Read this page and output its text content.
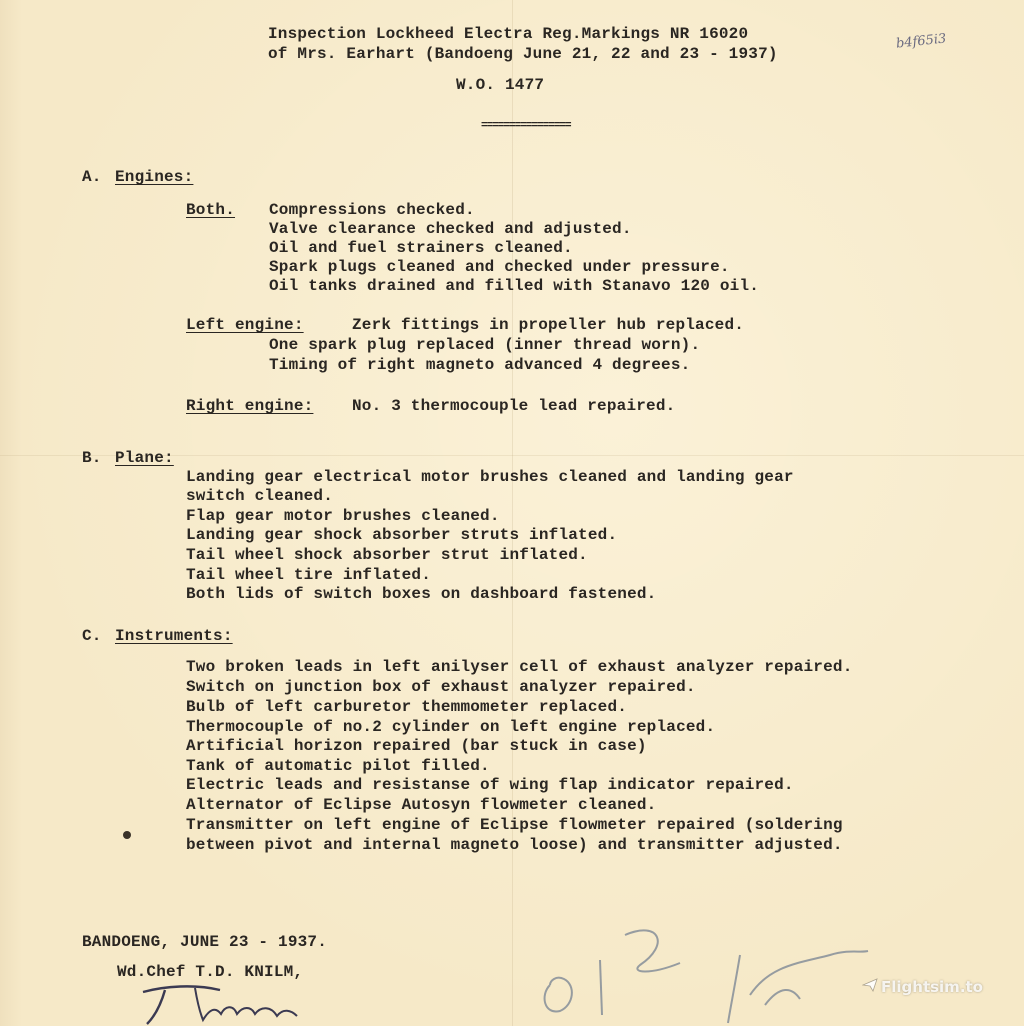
Inspection Lockheed Electra Reg.Markings NR 16020
of Mrs. Earhart (Bandoeng June 21, 22 and 23 - 1937)
W.O. 1477
================
b4f65i3
A. Engines:
Both. Compressions checked.
Valve clearance checked and adjusted.
Oil and fuel strainers cleaned.
Spark plugs cleaned and checked under pressure.
Oil tanks drained and filled with Stanavo 120 oil.
Left engine:	Zerk fittings in propeller hub replaced.
One spark plug replaced (inner thread worn).
Timing of right magneto advanced 4 degrees.
Right engine: No. 3 thermocouple lead repaired.
B. Plane:
Landing gear electrical motor brushes cleaned and landing gear
switch cleaned.
Flap gear motor brushes cleaned.
Landing gear shock absorber struts inflated.
Tail wheel shock absorber strut inflated.
Tail wheel tire inflated.
Both lids of switch boxes on dashboard fastened.
C. Instruments:
Two broken leads in left anilyser cell of exhaust analyzer repaired.
Switch on junction box of exhaust analyzer repaired.
Bulb of left carburetor themmometer replaced.
Thermocouple of no.2 cylinder on left engine replaced.
Artificial horizon repaired (bar stuck in case)
Tank of automatic pilot filled.
Electric leads and resistanse of wing flap indicator repaired.
Alternator of Eclipse Autosyn flowmeter cleaned.
Transmitter on left engine of Eclipse flowmeter repaired (soldering
between pivot and internal magneto loose) and transmitter adjusted.
BANDOENG, JUNE 23 - 1937.
Wd.Chef T.D. KNILM,
Flightsim.to
